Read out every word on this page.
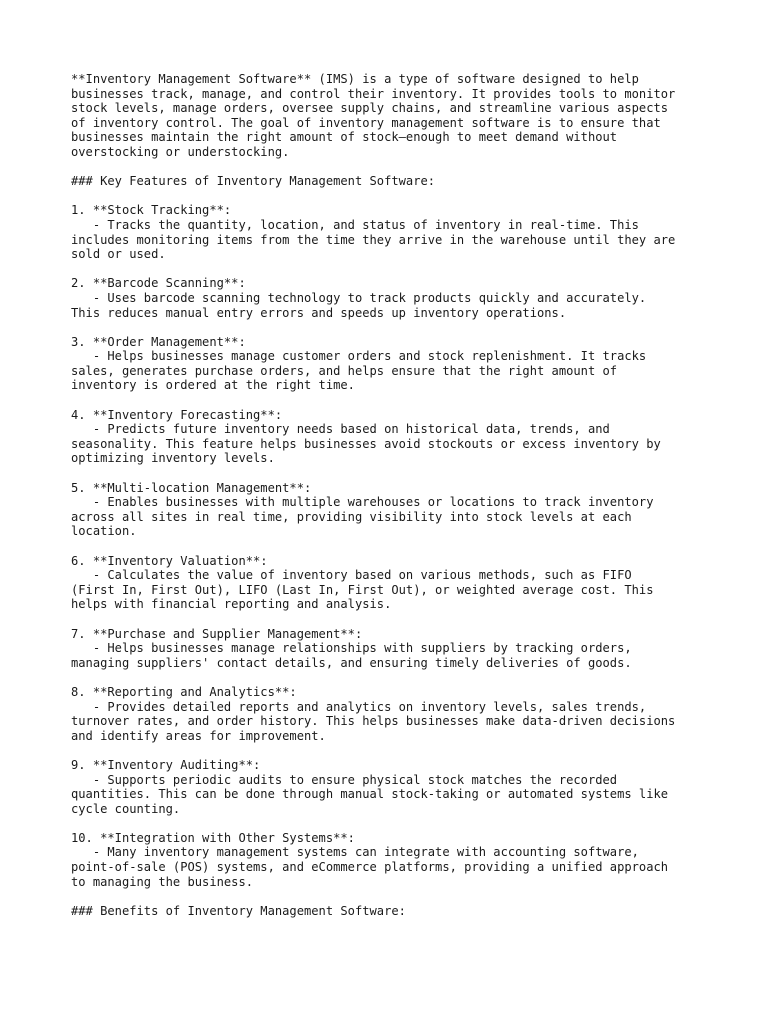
**Inventory Management Software** (IMS) is a type of software designed to help
businesses track, manage, and control their inventory. It provides tools to monitor
stock levels, manage orders, oversee supply chains, and streamline various aspects
of inventory control. The goal of inventory management software is to ensure that
businesses maintain the right amount of stock—enough to meet demand without
overstocking or understocking.
### Key Features of Inventory Management Software:
1. **Stock Tracking**:
- Tracks the quantity, location, and status of inventory in real-time. This
includes monitoring items from the time they arrive in the warehouse until they are
sold or used.
2. **Barcode Scanning**:
- Uses barcode scanning technology to track products quickly and accurately.
This reduces manual entry errors and speeds up inventory operations.
3. **Order Management**:
- Helps businesses manage customer orders and stock replenishment. It tracks
sales, generates purchase orders, and helps ensure that the right amount of
inventory is ordered at the right time.
4. **Inventory Forecasting**:
- Predicts future inventory needs based on historical data, trends, and
seasonality. This feature helps businesses avoid stockouts or excess inventory by
optimizing inventory levels.
5. **Multi-location Management**:
- Enables businesses with multiple warehouses or locations to track inventory
across all sites in real time, providing visibility into stock levels at each
location.
6. **Inventory Valuation**:
- Calculates the value of inventory based on various methods, such as FIFO
(First In, First Out), LIFO (Last In, First Out), or weighted average cost. This
helps with financial reporting and analysis.
7. **Purchase and Supplier Management**:
- Helps businesses manage relationships with suppliers by tracking orders,
managing suppliers' contact details, and ensuring timely deliveries of goods.
8. **Reporting and Analytics**:
- Provides detailed reports and analytics on inventory levels, sales trends,
turnover rates, and order history. This helps businesses make data-driven decisions
and identify areas for improvement.
9. **Inventory Auditing**:
- Supports periodic audits to ensure physical stock matches the recorded
quantities. This can be done through manual stock-taking or automated systems like
cycle counting.
10. **Integration with Other Systems**:
- Many inventory management systems can integrate with accounting software,
point-of-sale (POS) systems, and eCommerce platforms, providing a unified approach
to managing the business.
### Benefits of Inventory Management Software:
